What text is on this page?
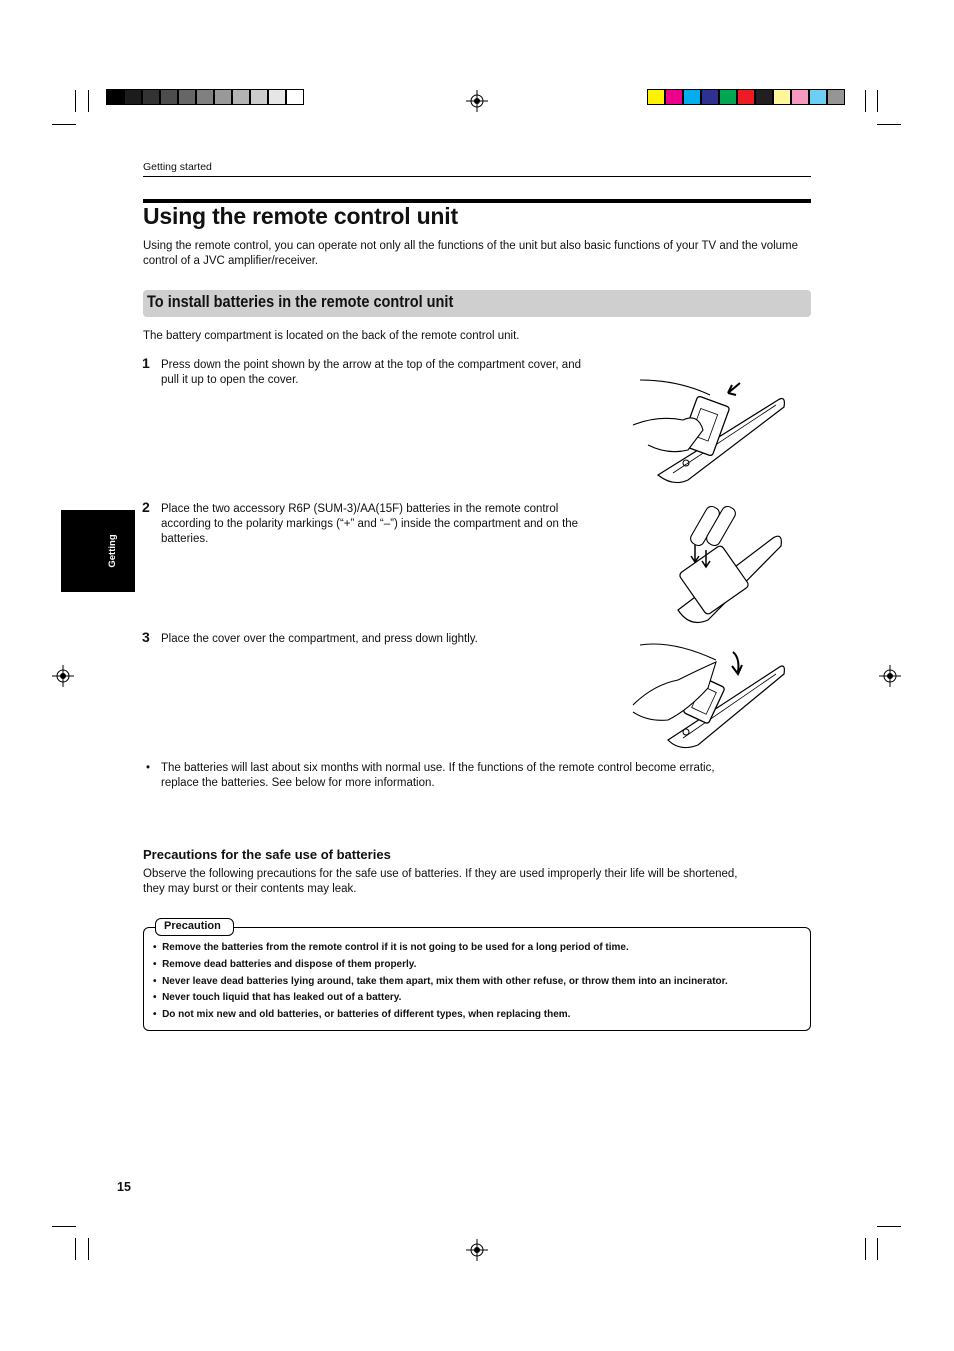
Getting started
Using the remote control unit
Using the remote control, you can operate not only all the functions of the unit but also basic functions of your TV and the volume control of a JVC amplifier/receiver.
To install batteries in the remote control unit
The battery compartment is located on the back of the remote control unit.
1 Press down the point shown by the arrow at the top of the compartment cover, and
pull it up to open the cover.
2 Place the two accessory R6P (SUM-3)/AA(15F) batteries in the remote control
according to the polarity markings (“+” and “–”) inside the compartment and on the
batteries.
3 Place the cover over the compartment, and press down lightly.
• The batteries will last about six months with normal use. If the functions of the remote control become erratic,
replace the batteries. See below for more information.
Precautions for the safe use of batteries
Observe the following precautions for the safe use of batteries. If they are used improperly their life will be shortened,
they may burst or their contents may leak.
Precaution
•  Remove the batteries from the remote control if it is not going to be used for a long period of time.
•  Remove dead batteries and dispose of them properly.
•  Never leave dead batteries lying around, take them apart, mix them with other refuse, or throw them into an incinerator.
•  Never touch liquid that has leaked out of a battery.
•  Do not mix new and old batteries, or batteries of different types, when replacing them.

Getting

started

15
